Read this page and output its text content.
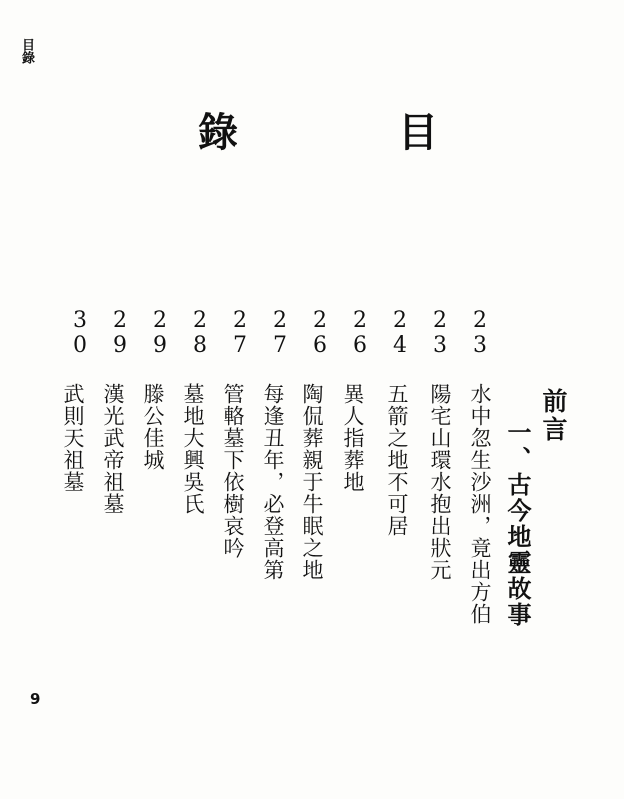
目錄
錄	目
前言
一、古今地靈故事
2
3
水中忽生沙洲，竟出方伯
2
3
陽宅山環水抱出狀元
2
4
五箭之地不可居
2
6
異人指葬地
2
6
陶侃葬親于牛眠之地
2
7
每逢丑年，必登高第
2
7
管輅墓下依樹哀吟
2
8
墓地大興吳氏
2
9
滕公佳城
2
9
漢光武帝祖墓
3
0
武則天祖墓
9
